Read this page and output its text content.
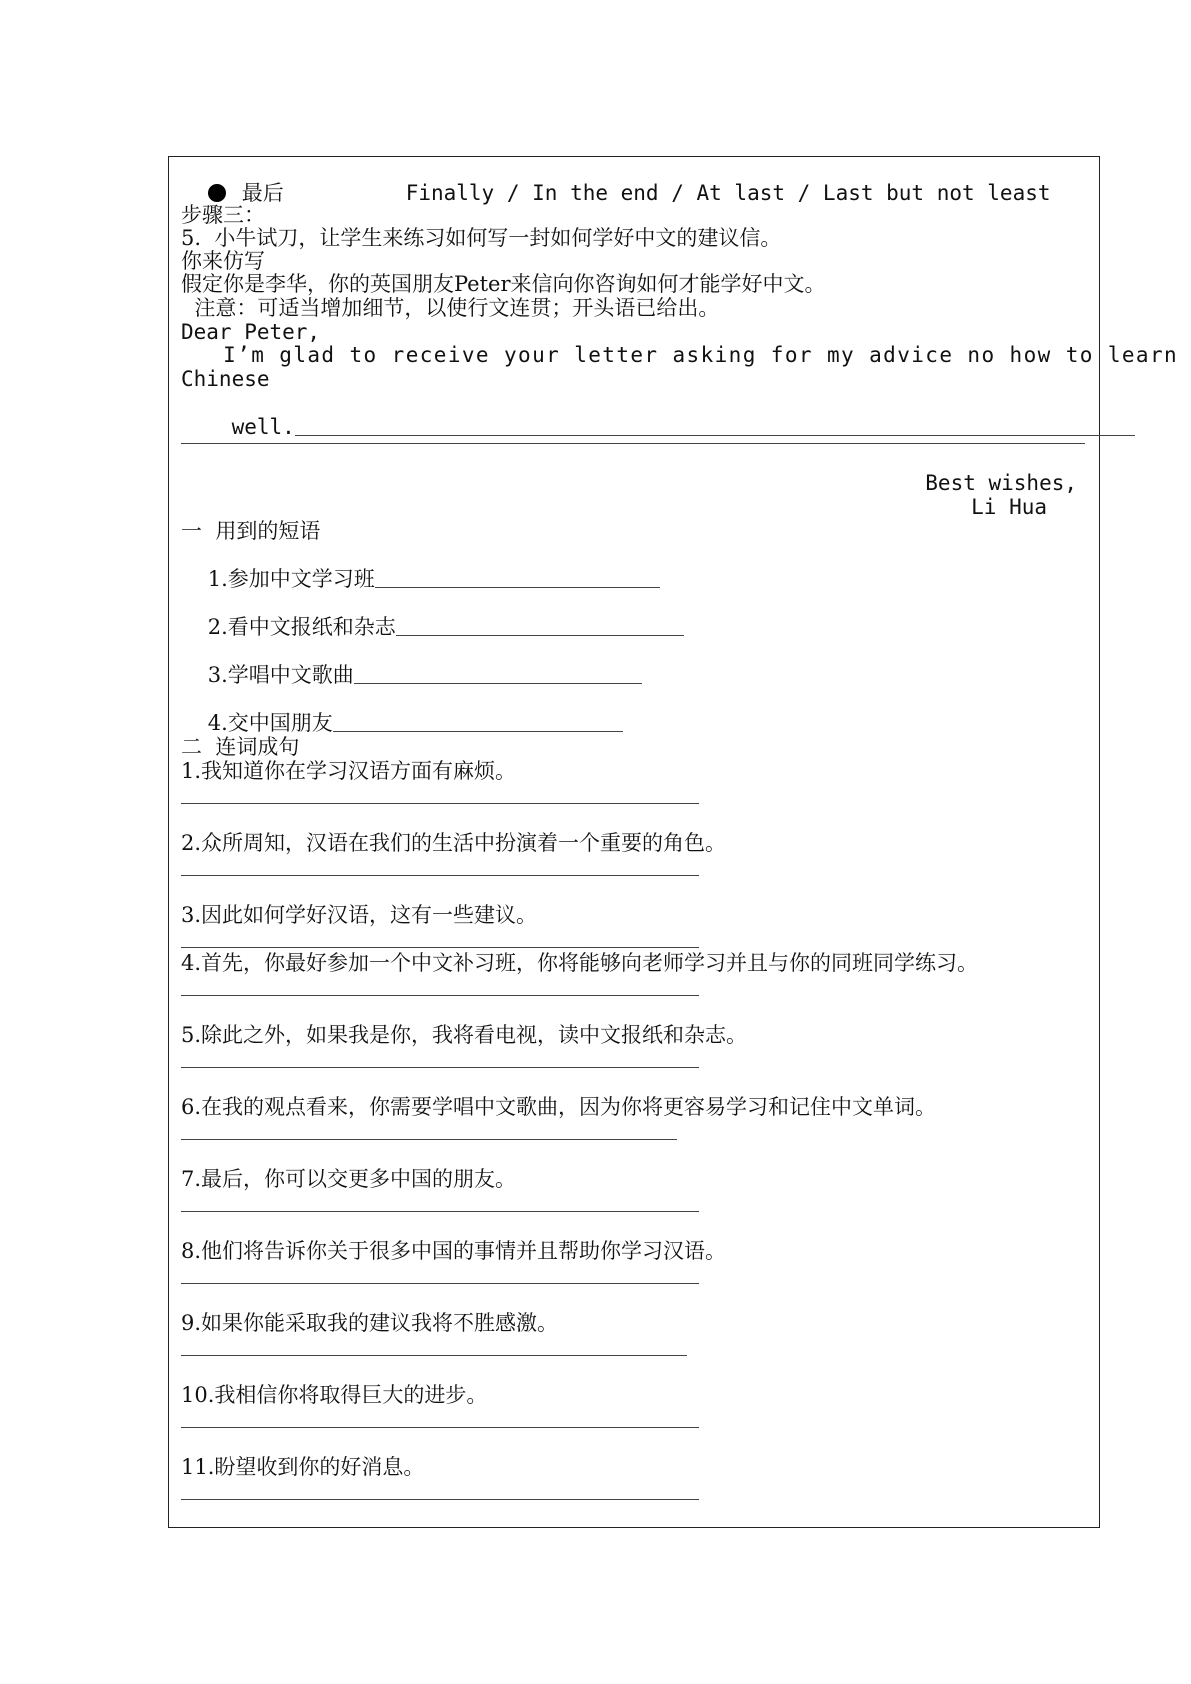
最后	Finally / In the end / At last / Last but not least

步骤三：
5.  小牛试刀，让学生来练习如何写一封如何学好中文的建议信。
你来仿写
假定你是李华，你的英国朋友Peter来信向你咨询如何才能学好中文。
注意：可适当增加细节，以使行文连贯；开头语已给出。
Dear Peter,
I’m glad to receive your letter asking for my advice no how to learn
Chinese

well.

Best wishes,
Li Hua
一  用到的短语

1.参加中文学习班

2.看中文报纸和杂志

3.学唱中文歌曲

4.交中国朋友

二  连词成句
1.我知道你在学习汉语方面有麻烦。
2.众所周知，汉语在我们的生活中扮演着一个重要的角色。
3.因此如何学好汉语，这有一些建议。
4.首先，你最好参加一个中文补习班，你将能够向老师学习并且与你的同班同学练习。
5.除此之外，如果我是你，我将看电视，读中文报纸和杂志。
6.在我的观点看来，你需要学唱中文歌曲，因为你将更容易学习和记住中文单词。
7.最后，你可以交更多中国的朋友。
8.他们将告诉你关于很多中国的事情并且帮助你学习汉语。
9.如果你能采取我的建议我将不胜感激。
10.我相信你将取得巨大的进步。
11.盼望收到你的好消息。
